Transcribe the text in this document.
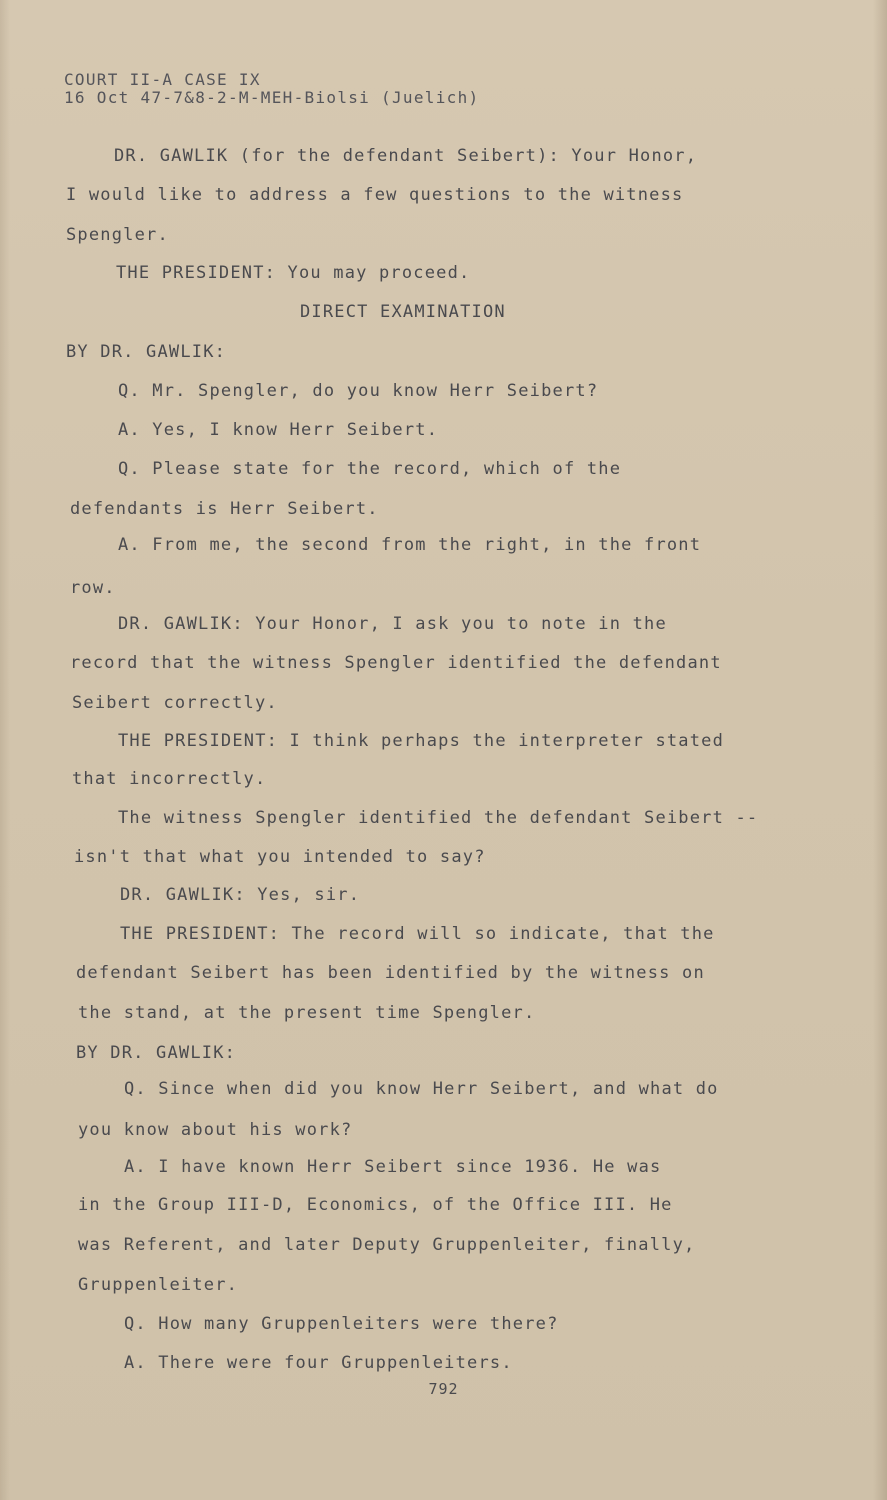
COURT II-A CASE IX
16 Oct 47-7&8-2-M-MEH-Biolsi (Juelich)
DR. GAWLIK (for the defendant Seibert): Your Honor,
I would like to address a few questions to the witness
Spengler.
THE PRESIDENT: You may proceed.
DIRECT EXAMINATION
BY DR. GAWLIK:
Q. Mr. Spengler, do you know Herr Seibert?
A. Yes, I know Herr Seibert.
Q. Please state for the record, which of the
defendants is Herr Seibert.
A. From me, the second from the right, in the front
row.
DR. GAWLIK: Your Honor, I ask you to note in the
record that the witness Spengler identified the defendant
Seibert correctly.
THE PRESIDENT: I think perhaps the interpreter stated
that incorrectly.
The witness Spengler identified the defendant Seibert --
isn't that what you intended to say?
DR. GAWLIK: Yes, sir.
THE PRESIDENT: The record will so indicate, that the
defendant Seibert has been identified by the witness on
the stand, at the present time Spengler.
BY DR. GAWLIK:
Q. Since when did you know Herr Seibert, and what do
you know about his work?
A. I have known Herr Seibert since 1936. He was
in the Group III-D, Economics, of the Office III. He
was Referent, and later Deputy Gruppenleiter, finally,
Gruppenleiter.
Q. How many Gruppenleiters were there?
A. There were four Gruppenleiters.
792
